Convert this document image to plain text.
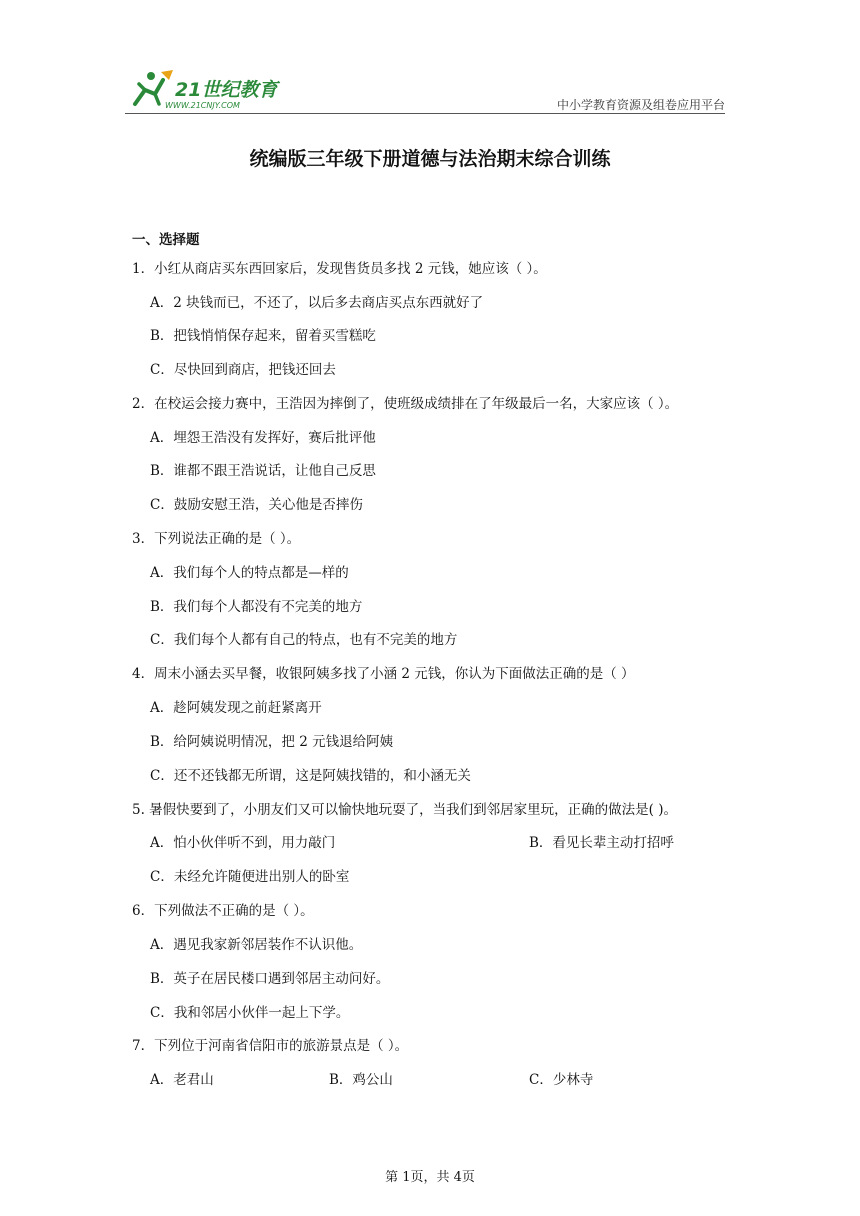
21世纪教育
WWW.21CNJY.COM	中小学教育资源及组卷应用平台
统编版三年级下册道德与法治期末综合训练
一、选择题
1．小红从商店买东西回家后，发现售货员多找 2 元钱，她应该（ ）。
A．2 块钱而已，不还了，以后多去商店买点东西就好了
B．把钱悄悄保存起来，留着买雪糕吃
C．尽快回到商店，把钱还回去
2．在校运会接力赛中，王浩因为摔倒了，使班级成绩排在了年级最后一名，大家应该（ ）。
A．埋怨王浩没有发挥好，赛后批评他
B．谁都不跟王浩说话，让他自己反思
C．鼓励安慰王浩，关心他是否摔伤
3．下列说法正确的是（ ）。
A．我们每个人的特点都是—样的
B．我们每个人都没有不完美的地方
C．我们每个人都有自己的特点，也有不完美的地方
4．周末小涵去买早餐，收银阿姨多找了小涵 2 元钱，你认为下面做法正确的是（ ）
A．趁阿姨发现之前赶紧离开
B．给阿姨说明情况，把 2 元钱退给阿姨
C．还不还钱都无所谓，这是阿姨找错的，和小涵无关
5. 暑假快要到了，小朋友们又可以愉快地玩耍了，当我们到邻居家里玩，正确的做法是( )。
A．怕小伙伴听不到，用力敲门	B．看见长辈主动打招呼
C．未经允许随便进出别人的卧室
6．下列做法不正确的是（ ）。
A．遇见我家新邻居装作不认识他。
B．英子在居民楼口遇到邻居主动问好。
C．我和邻居小伙伴一起上下学。
7．下列位于河南省信阳市的旅游景点是（ ）。
A．老君山	B．鸡公山	C．少林寺
第 1页，共 4页
